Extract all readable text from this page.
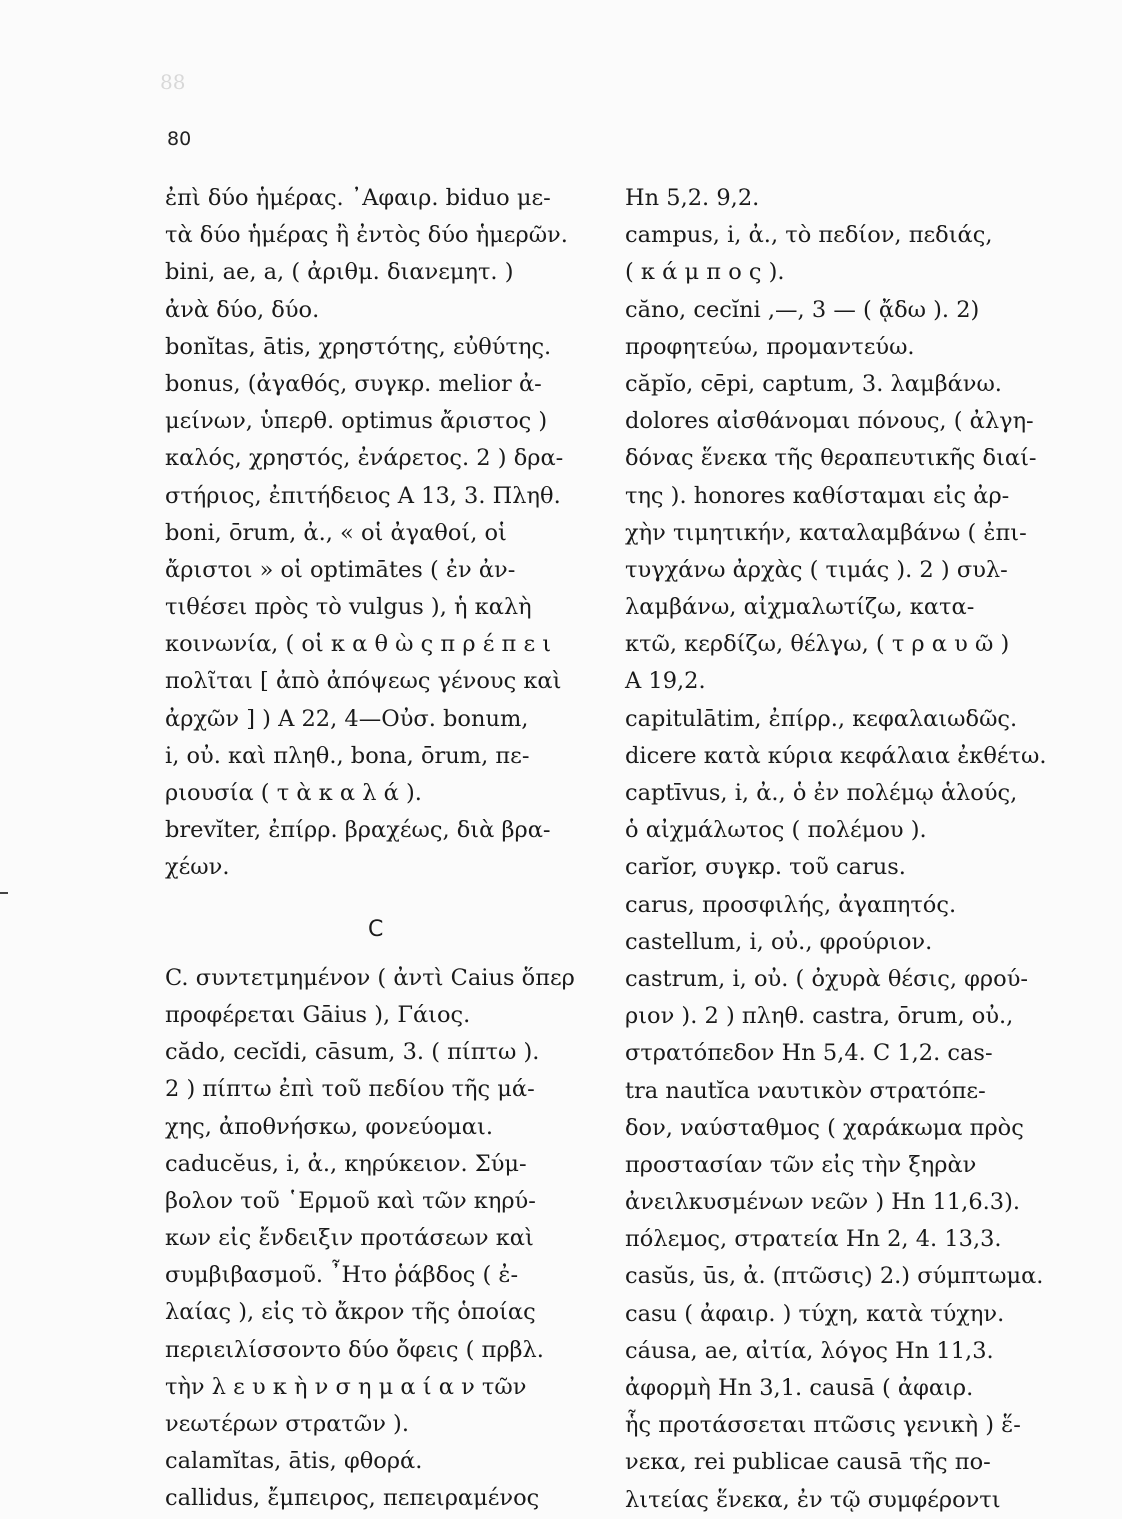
88
80
ἐπὶ δύο ἡμέρας. ᾿Αφαιρ. biduo με-
τὰ δύο ἡμέρας ἢ ἐντὸς δύο ἡμερῶν.
bini, ae, a, ( ἀριθμ. διανεμητ. )
ἀνὰ δύο, δύο.
bonĭtas, ātis, χρηστότης, εὐθύτης.
bonus, (ἀγαθός, συγκρ. melior ἀ-
μείνων, ὑπερθ. optimus ἄριστος )
καλός, χρηστός, ἐνάρετος. 2 ) δρα-
στήριος, ἐπιτήδειος A 13, 3. Πληθ.
boni, ōrum, ἀ., « οἱ ἀγαθοί, οἱ
ἄριστοι » οἱ optimātes ( ἐν ἀν-
τιθέσει πρὸς τὸ vulgus ), ἡ καλὴ
κοινωνία, ( οἱ κ α θ ὼ ς π ρ έ π ε ι
πολῖται [ ἀπὸ ἀπόψεως γένους καὶ
ἀρχῶν ] ) A 22, 4—Οὐσ. bonum,
i, οὐ. καὶ πληθ., bona, ōrum, πε-
ριουσία ( τ ὰ κ α λ ά ).
brevĭter, ἐπίρρ. βραχέως, διὰ βρα-
χέων.
C
C. συντετμημένον ( ἀντὶ Caius ὅπερ
προφέρεται Gāius ), Γάιος.
cădo, cecĭdi, cāsum, 3. ( πίπτω ).
2 ) πίπτω ἐπὶ τοῦ πεδίου τῆς μά-
χης, ἀποθνήσκω, φονεύομαι.
caducĕus, i, ἀ., κηρύκειον. Σύμ-
βολον τοῦ ῾Ερμοῦ καὶ τῶν κηρύ-
κων εἰς ἔνδειξιν προτάσεων καὶ
συμβιβασμοῦ. ῏Ητο ῥάβδος ( ἐ-
λαίας ), εἰς τὸ ἄκρον τῆς ὁποίας
περιειλίσσοντο δύο ὄφεις ( πρβλ.
τὴν λ ε υ κ ὴ ν σ η μ α ί α ν τῶν
νεωτέρων στρατῶν ).
calamĭtas, ātis, φθορά.
callidus, ἔμπειρος, πεπειραμένος
Hn 5,2. 9,2.
campus, i, ἀ., τὸ πεδίον, πεδιάς,
( κ ά μ π ο ς ).
căno, cecĭni ,—, 3 — ( ᾄδω ). 2)
προφητεύω, προμαντεύω.
căpĭo, cēpi, captum, 3. λαμβάνω.
dolores αἰσθάνομαι πόνους, ( ἀλγη-
δόνας ἕνεκα τῆς θεραπευτικῆς διαί-
της ). honores καθίσταμαι εἰς ἀρ-
χὴν τιμητικήν, καταλαμβάνω ( ἐπι-
τυγχάνω ἀρχὰς ( τιμάς ). 2 ) συλ-
λαμβάνω, αἰχμαλωτίζω, κατα-
κτῶ, κερδίζω, θέλγω, ( τ ρ α υ ῶ )
A 19,2.
capitulātim, ἐπίρρ., κεφαλαιωδῶς.
dicere κατὰ κύρια κεφάλαια ἐκθέτω.
captīvus, i, ἀ., ὁ ἐν πολέμῳ ἁλούς,
ὁ αἰχμάλωτος ( πολέμου ).
carĭor, συγκρ. τοῦ carus.
carus, προσφιλής, ἀγαπητός.
castellum, i, οὐ., φρούριον.
castrum, i, οὐ. ( ὀχυρὰ θέσις, φρού-
ριον ). 2 ) πληθ. castra, ōrum, οὐ.,
στρατόπεδον Hn 5,4. C 1,2. cas-
tra nautĭca ναυτικὸν στρατόπε-
δον, ναύσταθμος ( χαράκωμα πρὸς
προστασίαν τῶν εἰς τὴν ξηρὰν
ἀνειλκυσμένων νεῶν ) Hn 11,6.3).
πόλεμος, στρατεία Hn 2, 4. 13,3.
casŭs, ūs, ἀ. (πτῶσις) 2.) σύμπτωμα.
casu ( ἀφαιρ. ) τύχη, κατὰ τύχην.
cáusa, ae, αἰτία, λόγος Hn 11,3.
ἀφορμὴ Hn 3,1. causā ( ἀφαιρ.
ἧς προτάσσεται πτῶσις γενικὴ ) ἕ-
νεκα, rei publicae causā τῆς πο-
λιτείας ἕνεκα, ἐν τῷ συμφέροντι
